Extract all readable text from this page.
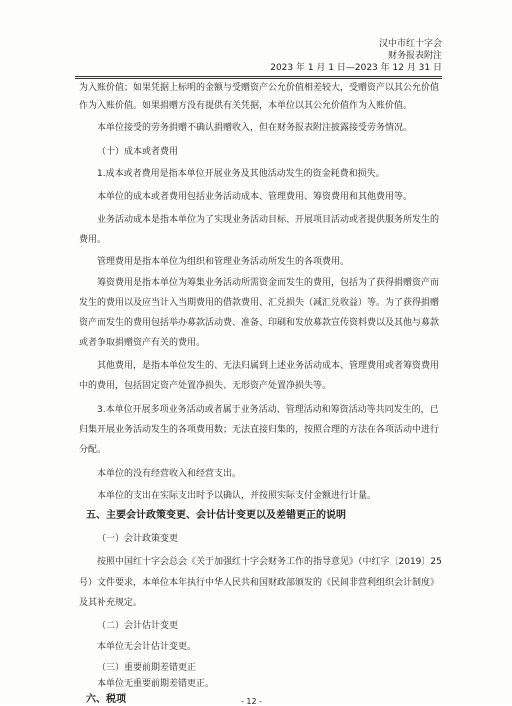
汉中市红十字会
财务报表附注
2023 年 1 月 1 日—2023 年 12 月 31 日
为入账价值；如果凭据上标明的金额与受赠资产公允价值相差较大，受赠资产以其公允价值
作为入账价值。如果捐赠方没有提供有关凭据，本单位以其公允价值作为入账价值。
本单位接受的劳务捐赠不确认捐赠收入，但在财务报表附注披露接受劳务情况。
（十）成本或者费用
1.成本或者费用是指本单位开展业务及其他活动发生的资金耗费和损失。
本单位的成本或者费用包括业务活动成本、管理费用、筹资费用和其他费用等。
业务活动成本是指本单位为了实现业务活动目标、开展项目活动或者提供服务所发生的
费用。
管理费用是指本单位为组织和管理业务活动所发生的各项费用。
筹资费用是指本单位为筹集业务活动所需资金而发生的费用，包括为了获得捐赠资产而
发生的费用以及应当计入当期费用的借款费用、汇兑损失（减汇兑收益）等。为了获得捐赠
资产而发生的费用包括举办募款活动费、准备、印刷和发放募款宣传资料费以及其他与募款
或者争取捐赠资产有关的费用。
其他费用，是指本单位发生的、无法归属到上述业务活动成本、管理费用或者筹资费用
中的费用，包括固定资产处置净损失、无形资产处置净损失等。
3.本单位开展多项业务活动或者属于业务活动、管理活动和筹资活动等共同发生的，已
归集开展业务活动发生的各项费用数；无法直接归集的，按照合理的方法在各项活动中进行
分配。
本单位的没有经营收入和经营支出。
本单位的支出在实际支出时予以确认，并按照实际支付金额进行计量。
五、主要会计政策变更、会计估计变更以及差错更正的说明
（一）会计政策变更
按照中国红十字会总会《关于加强红十字会财务工作的指导意见》（中红字〔2019〕25
号）文件要求，本单位本年执行中华人民共和国财政部颁发的《民间非营利组织会计制度》
及其补充规定。
（二）会计估计变更
本单位无会计估计变更。
（三）重要前期差错更正
本单位无重要前期差错更正。
六、税项	- 12 -
